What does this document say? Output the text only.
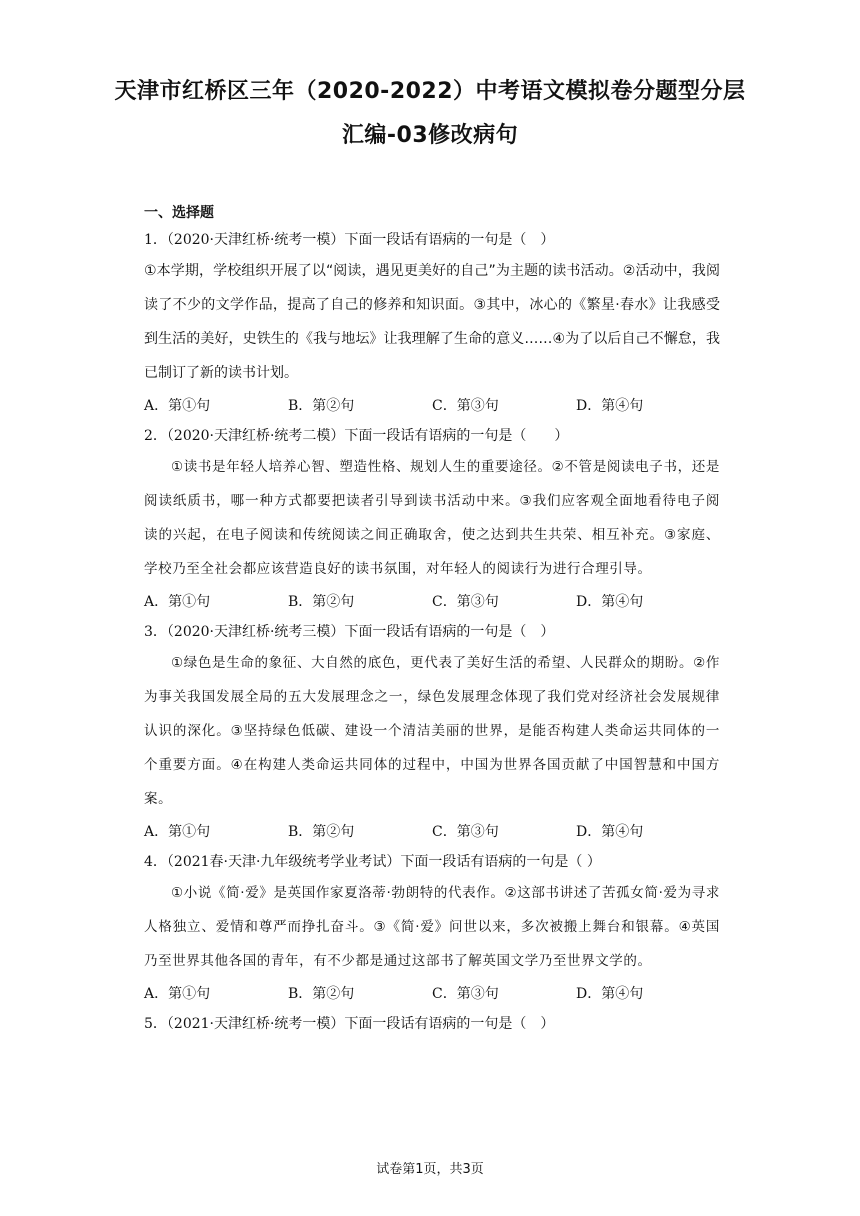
天津市红桥区三年（2020-2022）中考语文模拟卷分题型分层
汇编-03修改病句
一、选择题
1．（2020·天津红桥·统考一模）下面一段话有语病的一句是（　）
①本学期，学校组织开展了以“阅读，遇见更美好的自己”为主题的读书活动。②活动中，我阅读了不少的文学作品，提高了自己的修养和知识面。③其中，冰心的《繁星·春水》让我感受到生活的美好，史铁生的《我与地坛》让我理解了生命的意义……④为了以后自己不懈怠，我已制订了新的读书计划。
A．第①句	B．第②句	C．第③句	D．第④句
2．（2020·天津红桥·统考二模）下面一段话有语病的一句是（　　）
①读书是年轻人培养心智、塑造性格、规划人生的重要途径。②不管是阅读电子书，还是阅读纸质书，哪一种方式都要把读者引导到读书活动中来。③我们应客观全面地看待电子阅读的兴起，在电子阅读和传统阅读之间正确取舍，使之达到共生共荣、相互补充。③家庭、学校乃至全社会都应该营造良好的读书氛围，对年轻人的阅读行为进行合理引导。
A．第①句	B．第②句	C．第③句	D．第④句
3．（2020·天津红桥·统考三模）下面一段话有语病的一句是（　）
①绿色是生命的象征、大自然的底色，更代表了美好生活的希望、人民群众的期盼。②作为事关我国发展全局的五大发展理念之一，绿色发展理念体现了我们党对经济社会发展规律认识的深化。③坚持绿色低碳、建设一个清洁美丽的世界，是能否构建人类命运共同体的一个重要方面。④在构建人类命运共同体的过程中，中国为世界各国贡献了中国智慧和中国方案。
A．第①句	B．第②句	C．第③句	D．第④句
4．（2021春·天津·九年级统考学业考试）下面一段话有语病的一句是（ ）
①小说《简·爱》是英国作家夏洛蒂·勃朗特的代表作。②这部书讲述了苦孤女简·爱为寻求人格独立、爱情和尊严而挣扎奋斗。③《简·爱》问世以来，多次被搬上舞台和银幕。④英国乃至世界其他各国的青年，有不少都是通过这部书了解英国文学乃至世界文学的。
A．第①句	B．第②句	C．第③句	D．第④句
5．（2021·天津红桥·统考一模）下面一段话有语病的一句是（　）
试卷第1页，共3页
